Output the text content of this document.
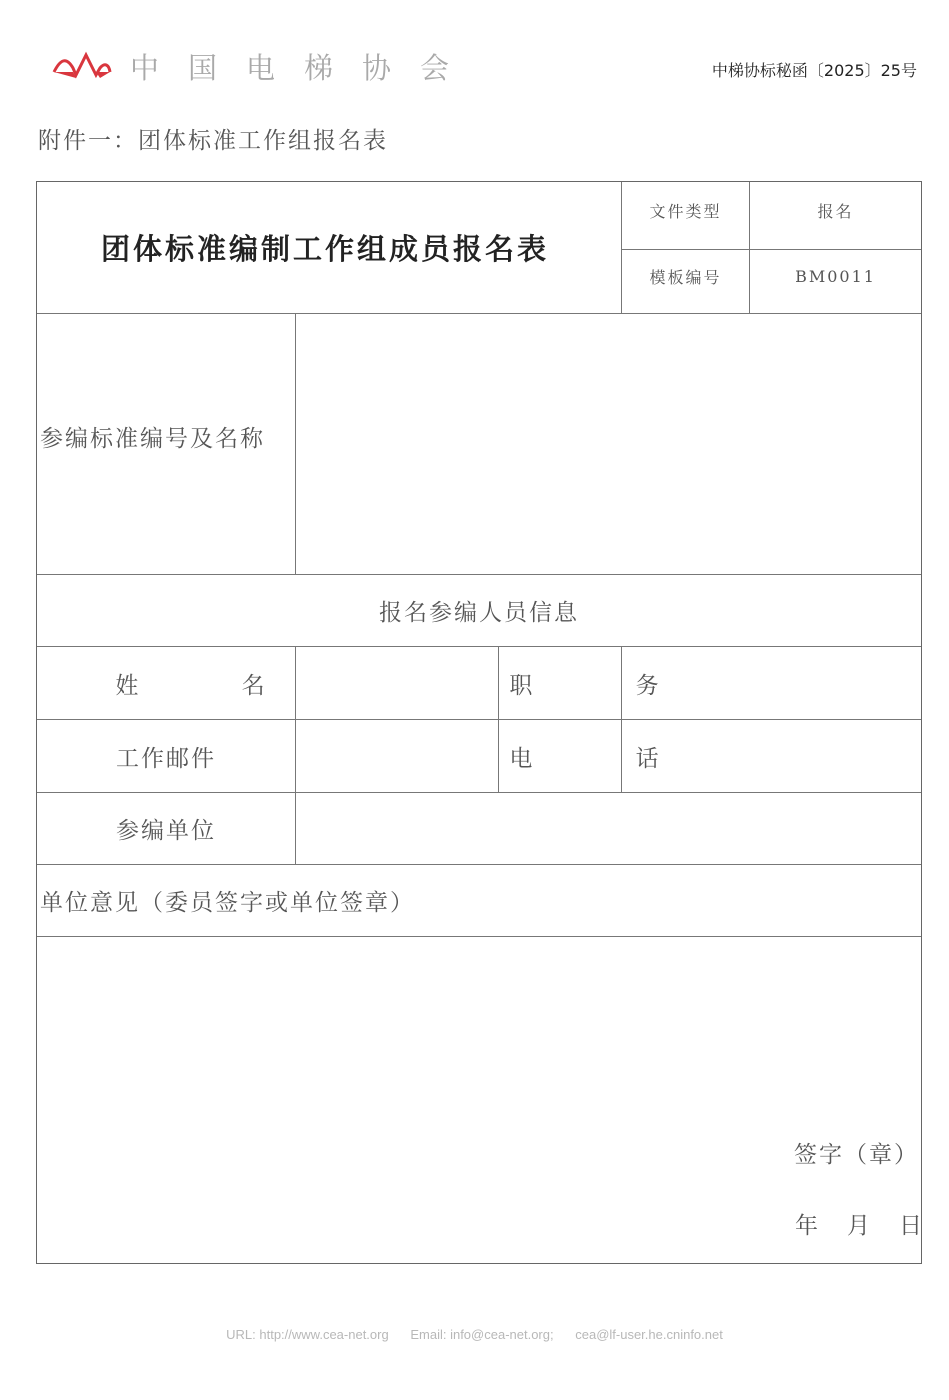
中国电梯协会	中梯协标秘函〔2025〕25号
附件一：团体标准工作组报名表
团体标准编制工作组成员报名表
文件类型	报名
模板编号	BM0011
参编标准编号及名称
报名参编人员信息
姓 名	职 务
工作邮件	电 话
参编单位
单位意见（委员签字或单位签章）
签字（章）
年 月 日
URL: http://www.cea-net.org Email: info@cea-net.org; cea@lf-user.he.cninfo.net
